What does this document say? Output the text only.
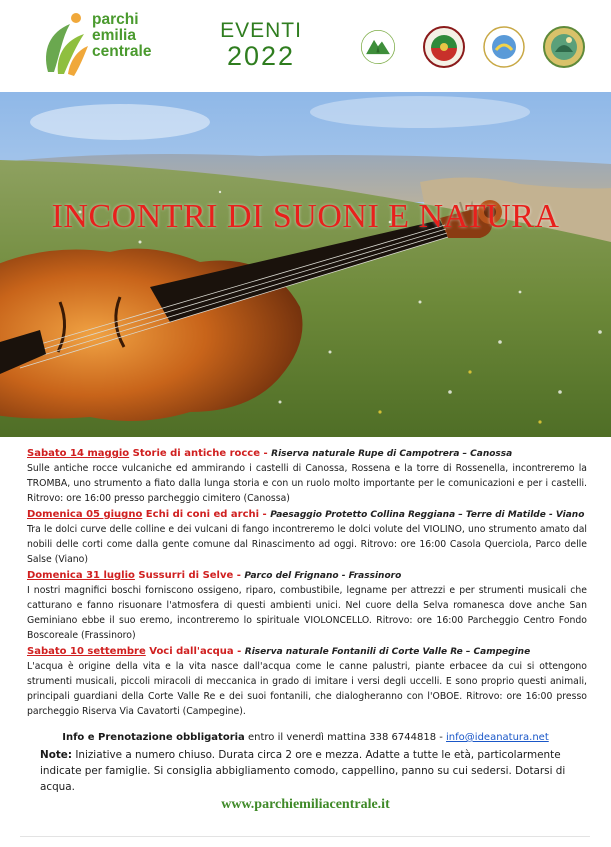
parchi
emilia
centrale
EVENTI
2022
INCONTRI DI SUONI E NATURA
Sabato 14 maggio Storie di antiche rocce - Riserva naturale Rupe di Campotrera – Canossa
Sulle antiche rocce vulcaniche ed ammirando i castelli di Canossa, Rossena e la torre di Rossenella, incontreremo la TROMBA, uno strumento a fiato dalla lunga storia e con un ruolo molto importante per le comunicazioni e per i castelli. Ritrovo: ore 16:00 presso parcheggio cimitero (Canossa)
Domenica 05 giugno Echi di coni ed archi - Paesaggio Protetto Collina Reggiana – Terre di Matilde - Viano
Tra le dolci curve delle colline e dei vulcani di fango incontreremo le dolci volute del VIOLINO, uno strumento amato dal nobili delle corti come dalla gente comune dal Rinascimento ad oggi. Ritrovo: ore 16:00 Casola Querciola, Parco delle Salse (Viano)
Domenica 31 luglio Sussurri di Selve - Parco del Frignano - Frassinoro
I nostri magnifici boschi forniscono ossigeno, riparo, combustibile, legname per attrezzi e per strumenti musicali che catturano e fanno risuonare l'atmosfera di questi ambienti unici. Nel cuore della Selva romanesca dove anche San Geminiano ebbe il suo eremo, incontreremo lo spirituale VIOLONCELLO. Ritrovo: ore 16:00 Parcheggio Centro Fondo Boscoreale (Frassinoro)
Sabato 10 settembre Voci dall'acqua - Riserva naturale Fontanili di Corte Valle Re – Campegine
L'acqua è origine della vita e la vita nasce dall'acqua come le canne palustri, piante erbacee da cui si ottengono strumenti musicali, piccoli miracoli di meccanica in grado di imitare i versi degli uccelli. E sono proprio questi animali, principali guardiani della Corte Valle Re e dei suoi fontanili, che dialogheranno con l'OBOE. Ritrovo: ore 16:00 presso parcheggio Riserva Via Cavatorti (Campegine).
Info e Prenotazione obbligatoria entro il venerdì mattina 338 6744818 - info@ideanatura.net
Note: Iniziative a numero chiuso. Durata circa 2 ore e mezza. Adatte a tutte le età, particolarmente indicate per famiglie. Si consiglia abbigliamento comodo, cappellino, panno su cui sedersi. Dotarsi di acqua.
www.parchiemiliacentrale.it
